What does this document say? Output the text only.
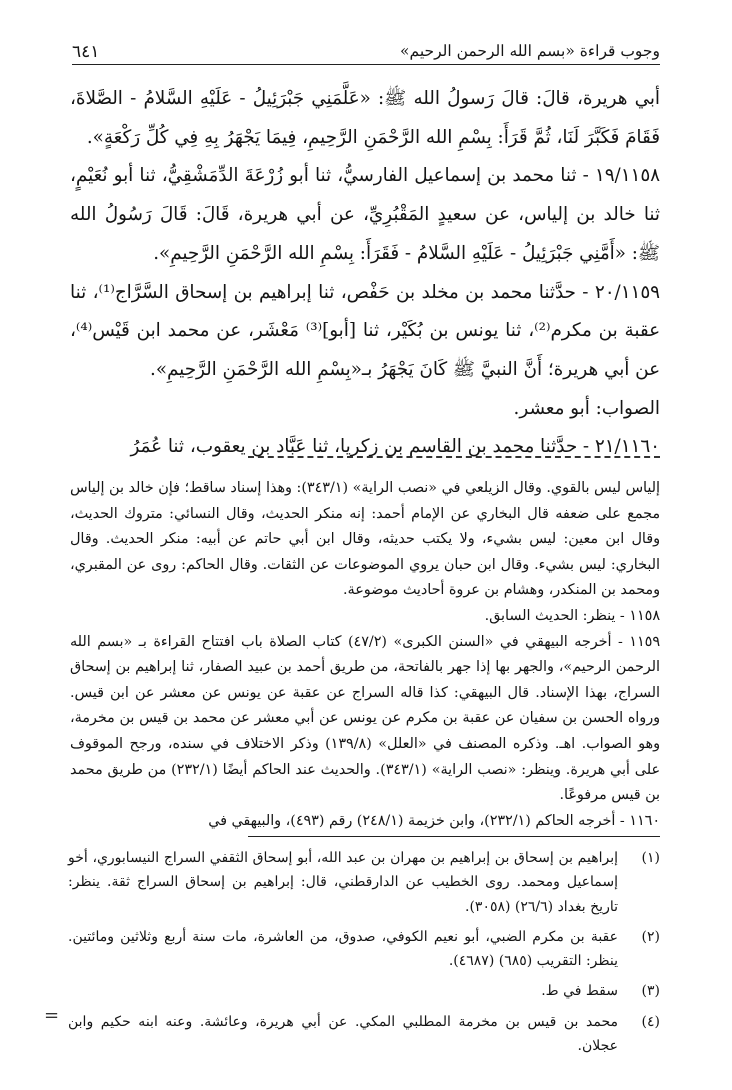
وجوب قراءة «بسم الله الرحمن الرحيم»
٦٤١

أبي هريرة، قالَ: قالَ رَسولُ الله ﷺ: «عَلَّمَنِي جَبْرَئِيلُ - عَلَيْهِ السَّلامُ - الصَّلاةَ، فَقَامَ فَكَبَّرَ لَنَا، ثُمَّ قَرَأَ: بِسْمِ الله الرَّحْمَنِ الرَّحِيمِ، فِيمَا يَجْهَرُ بِهِ فِي كُلِّ رَكْعَةٍ».

١٩/١١٥٨ - ثنا محمد بن إسماعيل الفارسيُّ، ثنا أبو زُرْعَةَ الدِّمَشْقِيُّ، ثنا أبو نُعَيْمٍ، ثنا خالد بن إلياس، عن سعيدٍ المَقْبُرِيِّ، عن أبي هريرة، قَالَ: قَالَ رَسُولُ الله ﷺ: «أَمَّنِي جَبْرَئِيلُ - عَلَيْهِ السَّلامُ - فَقَرَأَ: بِسْمِ الله الرَّحْمَنِ الرَّحِيمِ».

٢٠/١١٥٩ - حدَّثنا محمد بن مخلد بن حَفْص، ثنا إبراهيم بن إسحاق السَّرَّاج⁽¹⁾، ثنا عقبة بن مكرم⁽²⁾، ثنا يونس بن بُكَيْر، ثنا [أبو]⁽³⁾ مَعْشَر، عن محمد ابن قَيْس⁽⁴⁾، عن أبي هريرة؛ أَنَّ النبيَّ ﷺ كَانَ يَجْهَرُ بـ«بِسْمِ الله الرَّحْمَنِ الرَّحِيمِ».

الصواب: أبو معشر.

٢١/١١٦٠ - حدَّثنا محمد بن القاسم بن زكريا، ثنا عَبَّاد بن يعقوب، ثنا عُمَرُ

إلياس ليس بالقوي. وقال الزيلعي في «نصب الراية» (٣٤٣/١): وهذا إسناد ساقط؛ فإن خالد بن إلياس مجمع على ضعفه قال البخاري عن الإمام أحمد: إنه منكر الحديث، وقال النسائي: متروك الحديث، وقال ابن معين: ليس بشيء، ولا يكتب حديثه، وقال ابن أبي حاتم عن أبيه: منكر الحديث. وقال البخاري: ليس بشيء. وقال ابن حبان يروي الموضوعات عن الثقات. وقال الحاكم: روى عن المقبري، ومحمد بن المنكدر، وهشام بن عروة أحاديث موضوعة.

١١٥٨ - ينظر: الحديث السابق.

١١٥٩ - أخرجه البيهقي في «السنن الكبرى» (٤٧/٢) كتاب الصلاة باب افتتاح القراءة بـ «بسم الله الرحمن الرحيم»، والجهر بها إذا جهر بالفاتحة، من طريق أحمد بن عبيد الصفار، ثنا إبراهيم بن إسحاق السراج، بهذا الإسناد. قال البيهقي: كذا قاله السراج عن عقبة عن يونس عن معشر عن ابن قيس. ورواه الحسن بن سفيان عن عقبة بن مكرم عن يونس عن أبي معشر عن محمد بن قيس بن مخرمة، وهو الصواب. اهـ. وذكره المصنف في «العلل» (١٣٩/٨) وذكر الاختلاف في سنده، ورجح الموقوف على أبي هريرة. وينظر: «نصب الراية» (٣٤٣/١). والحديث عند الحاكم أيضًا (٢٣٢/١) من طريق محمد بن قيس مرفوعًا.

١١٦٠ - أخرجه الحاكم (٢٣٢/١)، وابن خزيمة (٢٤٨/١) رقم (٤٩٣)، والبيهقي في

(١)
إبراهيم بن إسحاق بن إبراهيم بن مهران بن عبد الله، أبو إسحاق الثقفي السراج النيسابوري، أخو إسماعيل ومحمد. روى الخطيب عن الدارقطني، قال: إبراهيم بن إسحاق السراج ثقة. ينظر: تاريخ بغداد (٢٦/٦) (٣٠٥٨).
(٢)
عقبة بن مكرم الضبي، أبو نعيم الكوفي، صدوق، من العاشرة، مات سنة أربع وثلاثين ومائتين. ينظر: التقريب (٦٨٥) (٤٦٨٧).
(٣)
سقط في ط.
(٤)
محمد بن قيس بن مخرمة المطلبي المكي. عن أبي هريرة، وعائشة. وعنه ابنه حكيم وابن عجلان.
=
